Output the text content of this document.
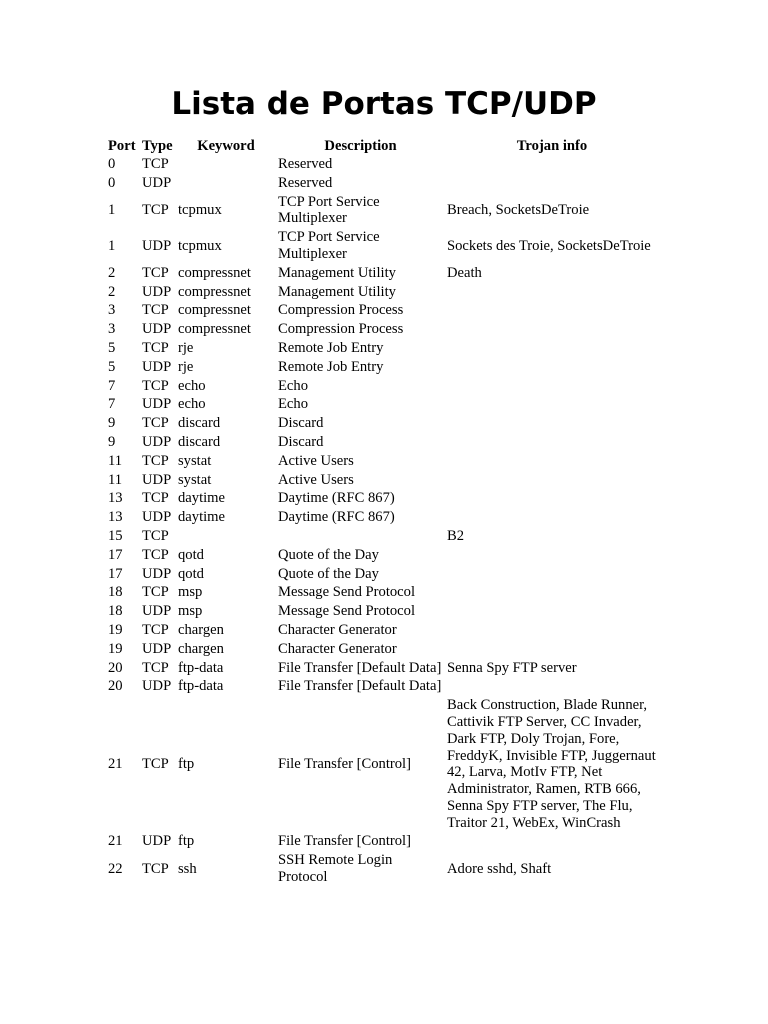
Lista de Portas TCP/UDP
Port	Type	Keyword	Description	Trojan info
0	TCP		Reserved	
0	UDP		Reserved	
1	TCP	tcpmux	TCP Port Service Multiplexer	Breach, SocketsDeTroie
1	UDP	tcpmux	TCP Port Service Multiplexer	Sockets des Troie, SocketsDeTroie
2	TCP	compressnet	Management Utility	Death
2	UDP	compressnet	Management Utility	
3	TCP	compressnet	Compression Process	
3	UDP	compressnet	Compression Process	
5	TCP	rje	Remote Job Entry	
5	UDP	rje	Remote Job Entry	
7	TCP	echo	Echo	
7	UDP	echo	Echo	
9	TCP	discard	Discard	
9	UDP	discard	Discard	
11	TCP	systat	Active Users	
11	UDP	systat	Active Users	
13	TCP	daytime	Daytime (RFC 867)	
13	UDP	daytime	Daytime (RFC 867)	
15	TCP			B2
17	TCP	qotd	Quote of the Day	
17	UDP	qotd	Quote of the Day	
18	TCP	msp	Message Send Protocol	
18	UDP	msp	Message Send Protocol	
19	TCP	chargen	Character Generator	
19	UDP	chargen	Character Generator	
20	TCP	ftp-data	File Transfer [Default Data]	Senna Spy FTP server
20	UDP	ftp-data	File Transfer [Default Data]	
21	TCP	ftp	File Transfer [Control]	Back Construction, Blade Runner, Cattivik FTP Server, CC Invader, Dark FTP, Doly Trojan, Fore, FreddyK, Invisible FTP, Juggernaut 42, Larva, MotIv FTP, Net Administrator, Ramen, RTB 666, Senna Spy FTP server, The Flu, Traitor 21, WebEx, WinCrash
21	UDP	ftp	File Transfer [Control]	
22	TCP	ssh	SSH Remote Login Protocol	Adore sshd, Shaft
